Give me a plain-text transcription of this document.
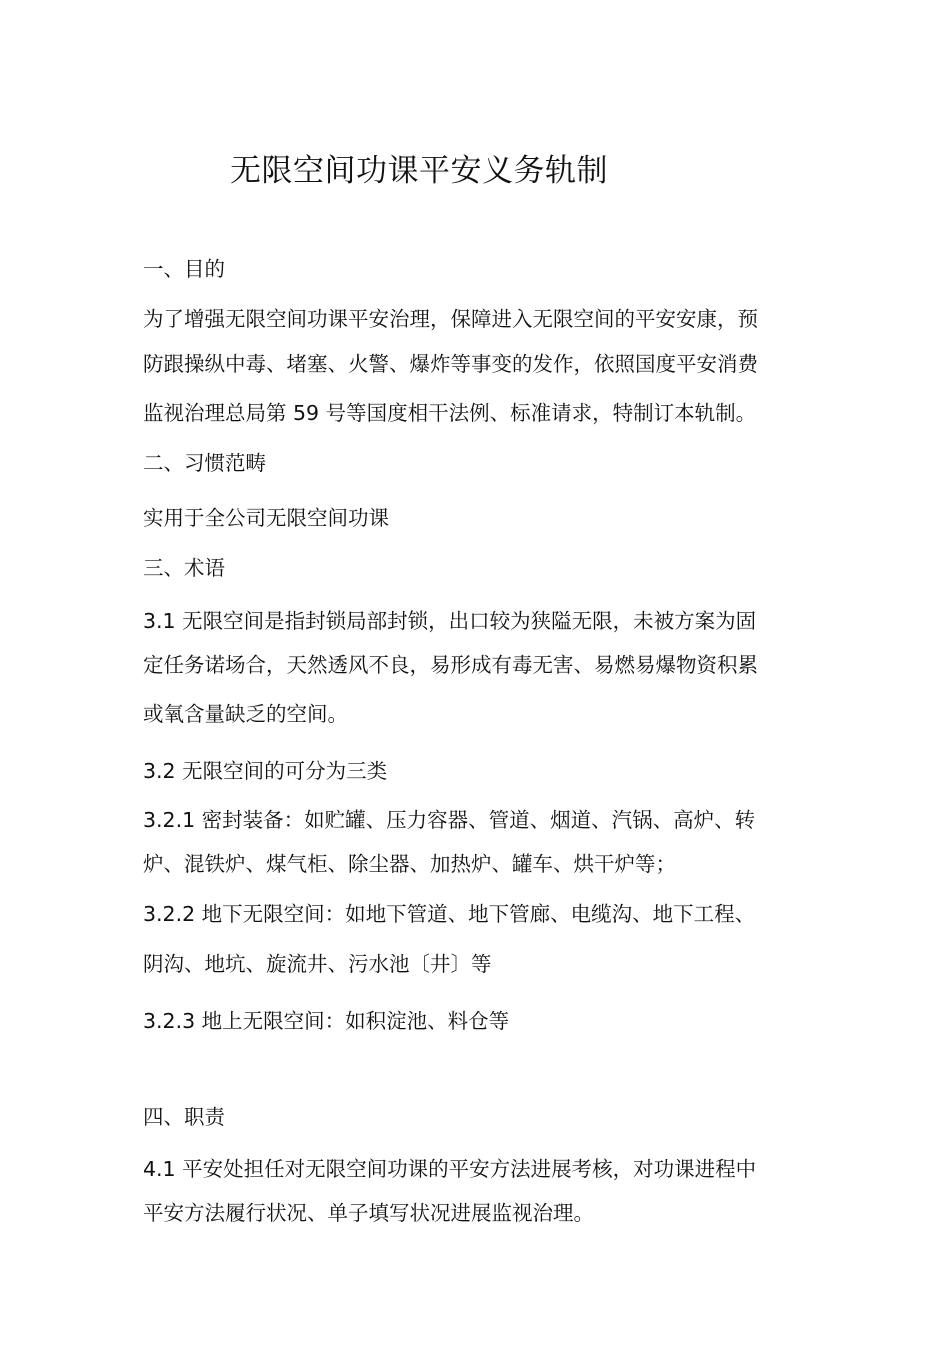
无限空间功课平安义务轨制

一、目的

为了增强无限空间功课平安治理，保障进入无限空间的平安安康，预

防跟操纵中毒、堵塞、火警、爆炸等事变的发作，依照国度平安消费

监视治理总局第 59 号等国度相干法例、标准请求，特制订本轨制。

二、习惯范畴

实用于全公司无限空间功课

三、术语

3.1 无限空间是指封锁局部封锁，出口较为狭隘无限，未被方案为固

定任务诺场合，天然透风不良，易形成有毒无害、易燃易爆物资积累

或氧含量缺乏的空间。

3.2 无限空间的可分为三类

3.2.1 密封装备：如贮罐、压力容器、管道、烟道、汽锅、高炉、转

炉、混铁炉、煤气柜、除尘器、加热炉、罐车、烘干炉等；

3.2.2 地下无限空间：如地下管道、地下管廊、电缆沟、地下工程、

阴沟、地坑、旋流井、污水池〔井〕等

3.2.3 地上无限空间：如积淀池、料仓等

四、职责

4.1 平安处担任对无限空间功课的平安方法进展考核，对功课进程中

平安方法履行状况、单子填写状况进展监视治理。
